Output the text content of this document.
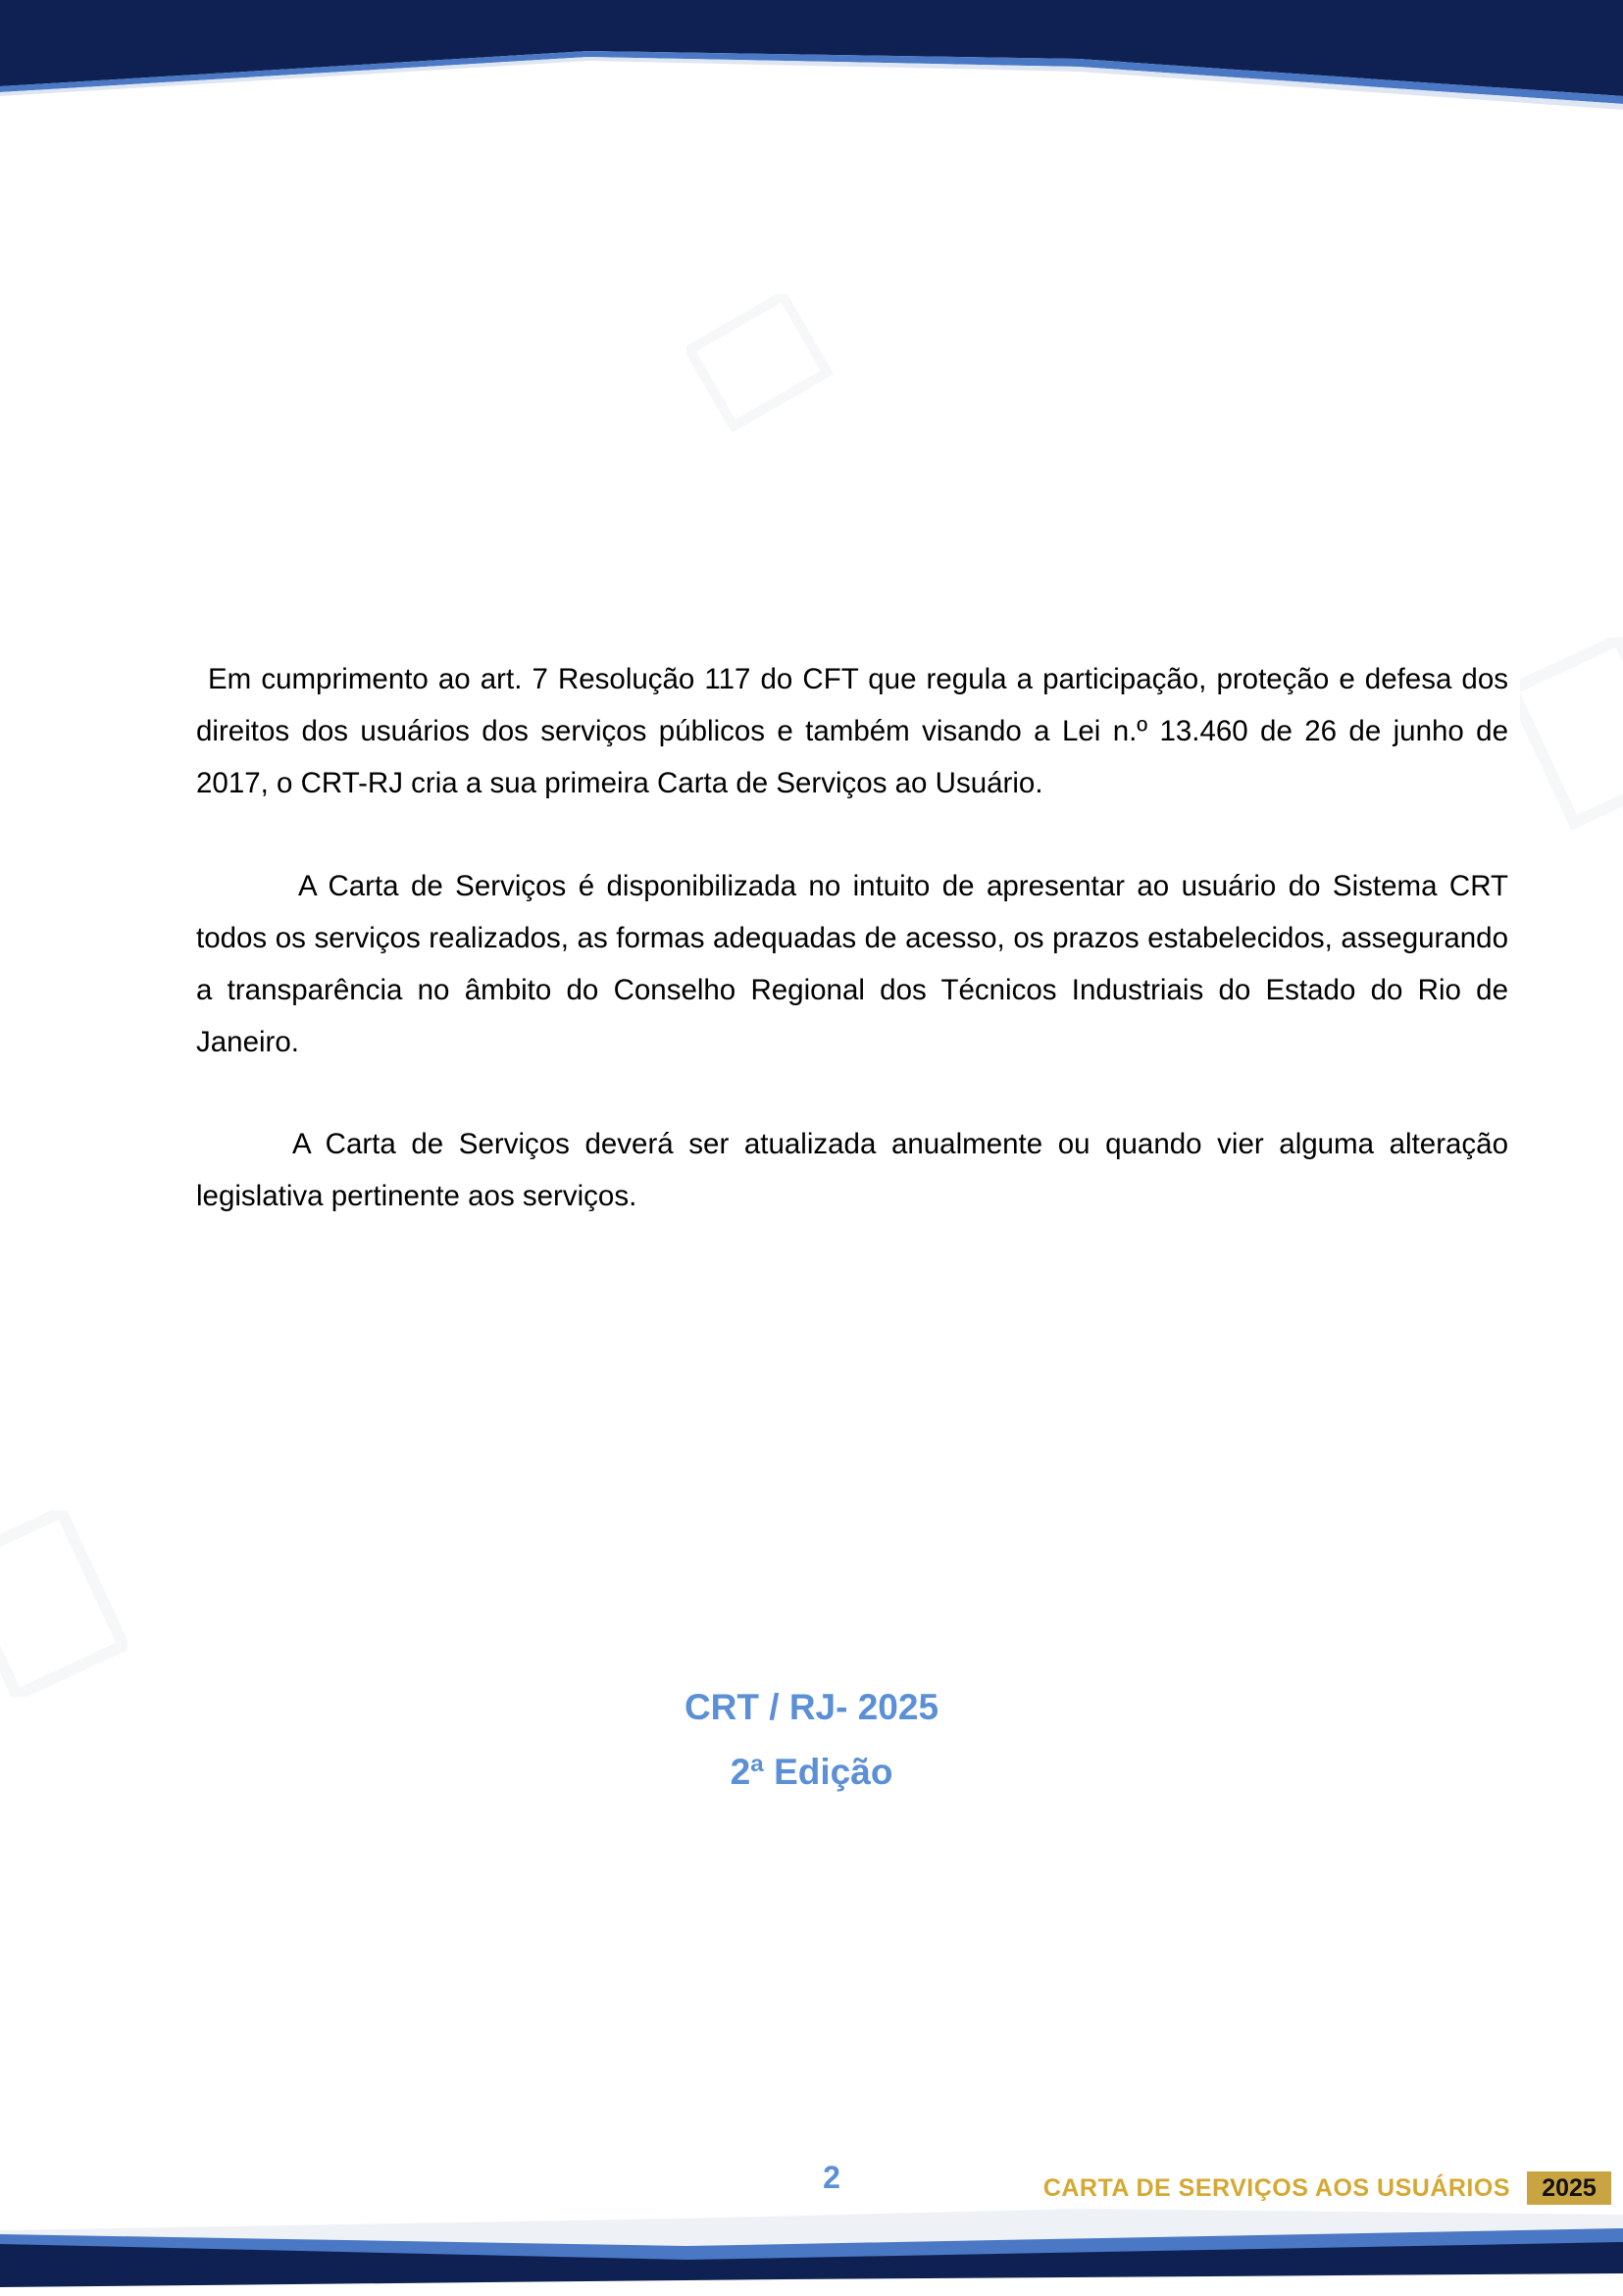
Em cumprimento ao art. 7 Resolução 117 do CFT que regula a participação, proteção e defesa dos direitos dos usuários dos serviços públicos e também visando a Lei n.º 13.460 de 26 de junho de 2017, o CRT-RJ cria a sua primeira Carta de Serviços ao Usuário.

A Carta de Serviços é disponibilizada no intuito de apresentar ao usuário do Sistema CRT todos os serviços realizados, as formas adequadas de acesso, os prazos estabelecidos, assegurando a transparência no âmbito do Conselho Regional dos Técnicos Industriais do Estado do Rio de Janeiro.

A Carta de Serviços deverá ser atualizada anualmente ou quando vier alguma alteração legislativa pertinente aos serviços.

CRT / RJ- 2025
2ª Edição
2	CARTA DE SERVIÇOS AOS USUÁRIOS	2025
